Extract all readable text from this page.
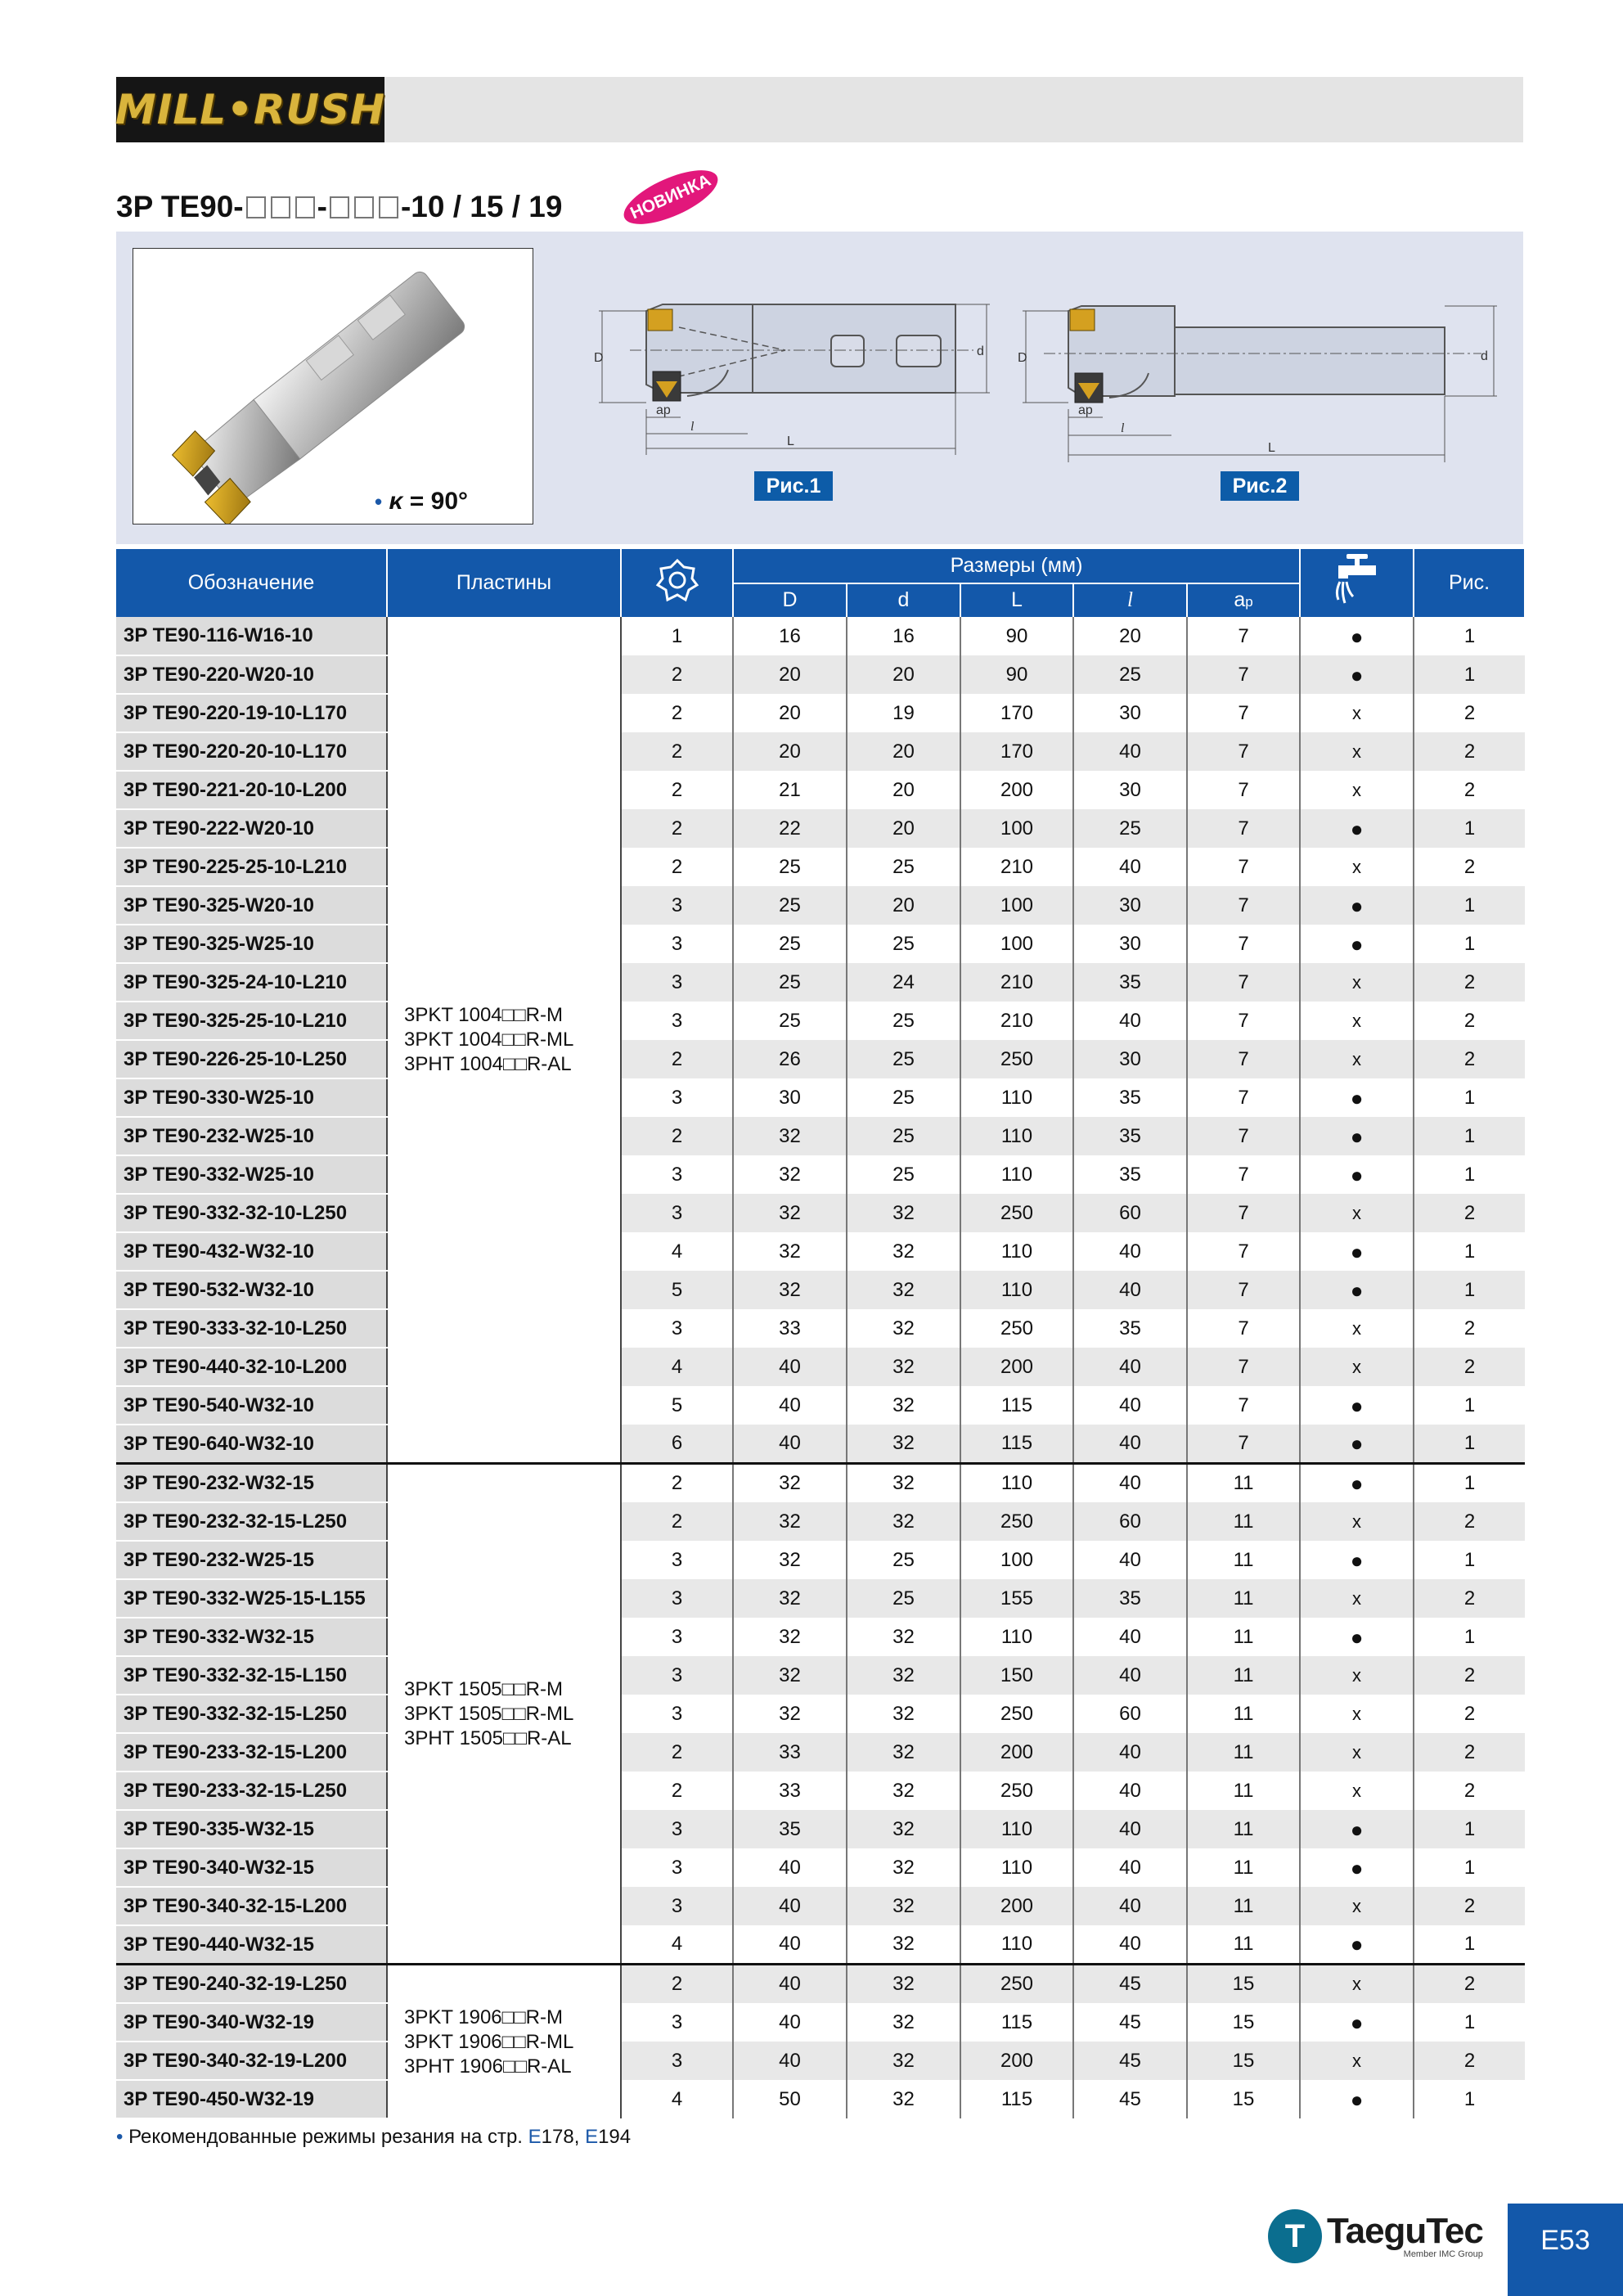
MILL•RUSH
3P TE90- - -10 / 15 / 19	НОВИНКА
• κ = 90°
D	d
ap
l
L
D	d
ap
l
L
Рис.1	Рис.2
Обозначение	Пластины		Размеры (мм)						Рис.
			D	d	L	l	ap		
3P TE90-116-W16-10	3PKT 1004□□R-M
3PKT 1004□□R-ML
3PHT 1004□□R-AL	1	16	16	90	20	7	●	1
3P TE90-220-W20-10		2	20	20	90	25	7	●	1
3P TE90-220-19-10-L170		2	20	19	170	30	7	x	2
3P TE90-220-20-10-L170		2	20	20	170	40	7	x	2
3P TE90-221-20-10-L200		2	21	20	200	30	7	x	2
3P TE90-222-W20-10		2	22	20	100	25	7	●	1
3P TE90-225-25-10-L210		2	25	25	210	40	7	x	2
3P TE90-325-W20-10		3	25	20	100	30	7	●	1
3P TE90-325-W25-10		3	25	25	100	30	7	●	1
3P TE90-325-24-10-L210		3	25	24	210	35	7	x	2
3P TE90-325-25-10-L210		3	25	25	210	40	7	x	2
3P TE90-226-25-10-L250		2	26	25	250	30	7	x	2
3P TE90-330-W25-10		3	30	25	110	35	7	●	1
3P TE90-232-W25-10		2	32	25	110	35	7	●	1
3P TE90-332-W25-10		3	32	25	110	35	7	●	1
3P TE90-332-32-10-L250		3	32	32	250	60	7	x	2
3P TE90-432-W32-10		4	32	32	110	40	7	●	1
3P TE90-532-W32-10		5	32	32	110	40	7	●	1
3P TE90-333-32-10-L250		3	33	32	250	35	7	x	2
3P TE90-440-32-10-L200		4	40	32	200	40	7	x	2
3P TE90-540-W32-10		5	40	32	115	40	7	●	1
3P TE90-640-W32-10		6	40	32	115	40	7	●	1
3P TE90-232-W32-15	3PKT 1505□□R-M
3PKT 1505□□R-ML
3PHT 1505□□R-AL	2	32	32	110	40	11	●	1
3P TE90-232-32-15-L250		2	32	32	250	60	11	x	2
3P TE90-232-W25-15		3	32	25	100	40	11	●	1
3P TE90-332-W25-15-L155		3	32	25	155	35	11	x	2
3P TE90-332-W32-15		3	32	32	110	40	11	●	1
3P TE90-332-32-15-L150		3	32	32	150	40	11	x	2
3P TE90-332-32-15-L250		3	32	32	250	60	11	x	2
3P TE90-233-32-15-L200		2	33	32	200	40	11	x	2
3P TE90-233-32-15-L250		2	33	32	250	40	11	x	2
3P TE90-335-W32-15		3	35	32	110	40	11	●	1
3P TE90-340-W32-15		3	40	32	110	40	11	●	1
3P TE90-340-32-15-L200		3	40	32	200	40	11	x	2
3P TE90-440-W32-15		4	40	32	110	40	11	●	1
3P TE90-240-32-19-L250	3PKT 1906□□R-M
3PKT 1906□□R-ML
3PHT 1906□□R-AL	2	40	32	250	45	15	x	2
3P TE90-340-W32-19		3	40	32	115	45	15	●	1
3P TE90-340-32-19-L200		3	40	32	200	45	15	x	2
3P TE90-450-W32-19		4	50	32	115	45	15	●	1
• Рекомендованные режимы резания на стр. E178, E194
T TaeguTec
Member IMC Group	E53
